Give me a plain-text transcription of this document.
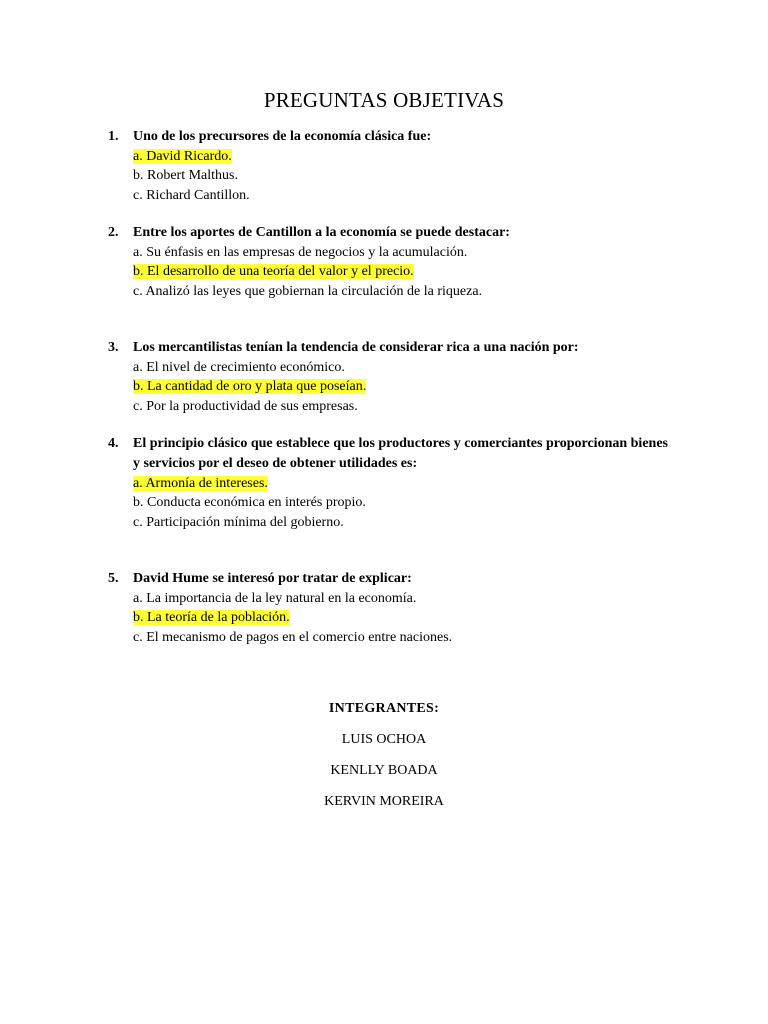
PREGUNTAS OBJETIVAS
1. Uno de los precursores de la economía clásica fue:
a. David Ricardo.
b. Robert Malthus.
c. Richard Cantillon.
2. Entre los aportes de Cantillon a la economía se puede destacar:
a. Su énfasis en las empresas de negocios y la acumulación.
b. El desarrollo de una teoría del valor y el precio.
c. Analizó las leyes que gobiernan la circulación de la riqueza.
3. Los mercantilistas tenían la tendencia de considerar rica a una nación por:
a. El nivel de crecimiento económico.
b. La cantidad de oro y plata que poseían.
c. Por la productividad de sus empresas.
4. El principio clásico que establece que los productores y comerciantes proporcionan bienes y servicios por el deseo de obtener utilidades es:
a. Armonía de intereses.
b. Conducta económica en interés propio.
c. Participación mínima del gobierno.
5. David Hume se interesó por tratar de explicar:
a. La importancia de la ley natural en la economía.
b. La teoría de la población.
c. El mecanismo de pagos en el comercio entre naciones.
INTEGRANTES:
LUIS OCHOA
KENLLY BOADA
KERVIN MOREIRA
